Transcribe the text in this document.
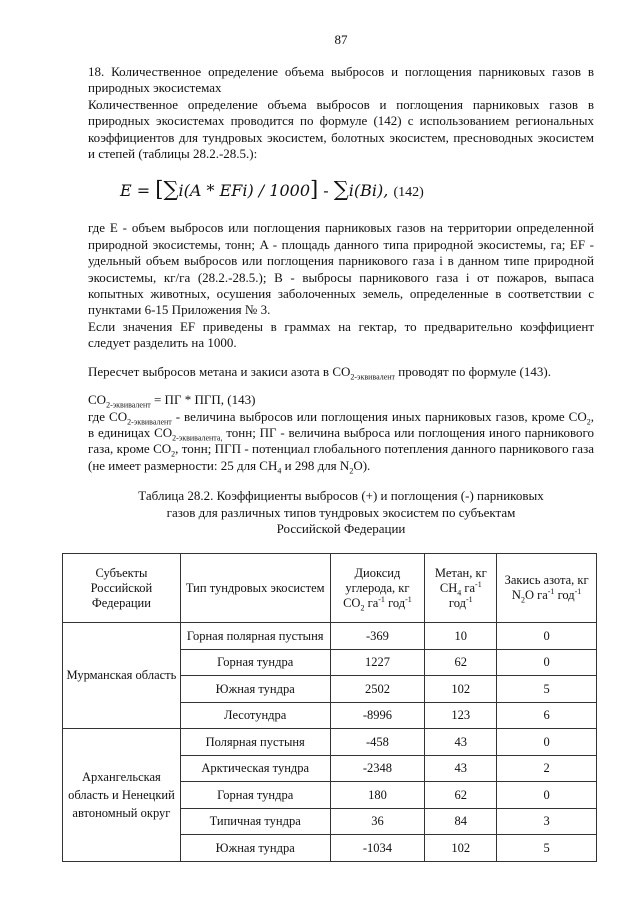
87

18. Количественное определение объема выбросов и поглощения парниковых газов в природных экосистемах

Количественное определение объема выбросов и поглощения парниковых газов в природных экосистемах проводится по формуле (142) с использованием региональных коэффициентов для тундровых экосистем, болотных экосистем, пресноводных экосистем и степей (таблицы 28.2.-28.5.):

E = [∑i(A * EFi) / 1000] - ∑i(Bi), (142)

где E - объем выбросов или поглощения парниковых газов на территории определенной природной экосистемы, тонн; A - площадь данного типа природной экосистемы, га; EF - удельный объем выбросов или поглощения парникового газа i в данном типе природной экосистемы, кг/га (28.2.-28.5.); B - выбросы парникового газа i от пожаров, выпаса копытных животных, осушения заболоченных земель, определенные в соответствии с пунктами 6-15 Приложения № 3.

Если значения EF приведены в граммах на гектар, то предварительно коэффициент следует разделить на 1000.

Пересчет выбросов метана и закиси азота в $CO_{2-эквивалент}$ проводят по формуле (143).

$CO_{2-эквивалент}$ = ПГ * ПГП, (143)

где $CO_{2-эквивалент}$ - величина выбросов или поглощения иных парниковых газов, кроме $CO_2$, в единицах $CO_{2-эквивалента,}$ тонн; ПГ - величина выброса или поглощения иного парникового газа, кроме $CO_2$, тонн; ПГП - потенциал глобального потепления данного парникового газа (не имеет размерности: 25 для $CH_4$ и 298 для $N_2O$).

Таблица 28.2. Коэффициенты выбросов (+) и поглощения (-) парниковых
газов для различных типов тундровых экосистем по субъектам
Российской Федерации
Субъекты Российской Федерации	Тип тундровых экосистем	Диоксид углерода, кг $CO_2$ $га^{-1}$ год$^{-1}$	Метан, кг $CH_4$ $га^{-1}$ год$^{-1}$	Закись азота, кг $N_2O$ $га^{-1}$ год$^{-1}$
Мурманская область	Горная полярная пустыня	-369	10	0
	Горная тундра	1227	62	0
	Южная тундра	2502	102	5
	Лесотундра	-8996	123	6
Архангельская область и Ненецкий автономный округ	Полярная пустыня	-458	43	0
	Арктическая тундра	-2348	43	2
	Горная тундра	180	62	0
	Типичная тундра	36	84	3
	Южная тундра	-1034	102	5
